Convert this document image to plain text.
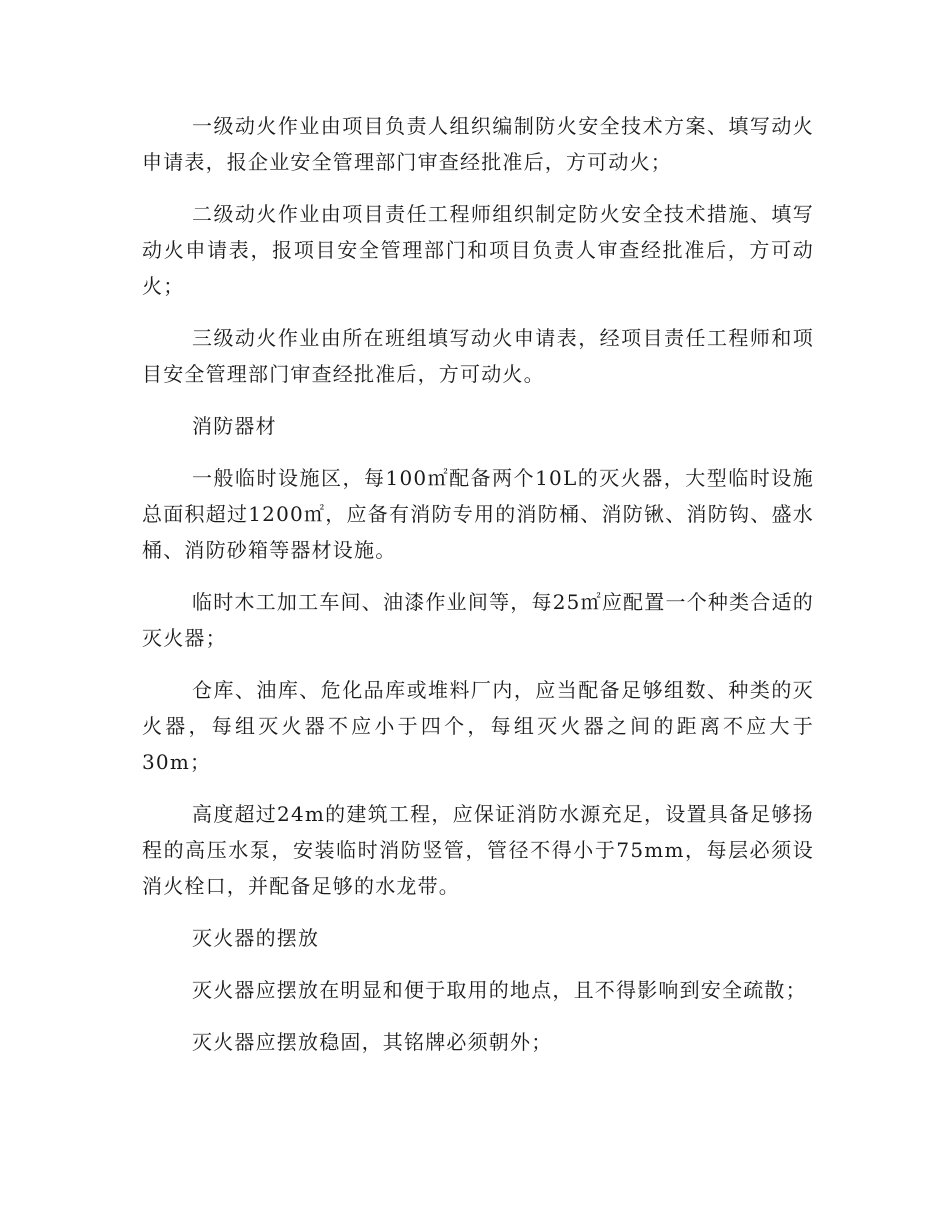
一级动火作业由项目负责人组织编制防火安全技术方案、填写动火申请表，报企业安全管理部门审查经批准后，方可动火；

二级动火作业由项目责任工程师组织制定防火安全技术措施、填写动火申请表，报项目安全管理部门和项目负责人审查经批准后，方可动火；

三级动火作业由所在班组填写动火申请表，经项目责任工程师和项目安全管理部门审查经批准后，方可动火。

消防器材

一般临时设施区，每100㎡配备两个10L的灭火器，大型临时设施总面积超过1200㎡，应备有消防专用的消防桶、消防锹、消防钩、盛水桶、消防砂箱等器材设施。

临时木工加工车间、油漆作业间等，每25㎡应配置一个种类合适的灭火器；

仓库、油库、危化品库或堆料厂内，应当配备足够组数、种类的灭火器，每组灭火器不应小于四个，每组灭火器之间的距离不应大于30m；

高度超过24m的建筑工程，应保证消防水源充足，设置具备足够扬程的高压水泵，安装临时消防竖管，管径不得小于75mm，每层必须设消火栓口，并配备足够的水龙带。

灭火器的摆放

灭火器应摆放在明显和便于取用的地点，且不得影响到安全疏散；

灭火器应摆放稳固，其铭牌必须朝外；
